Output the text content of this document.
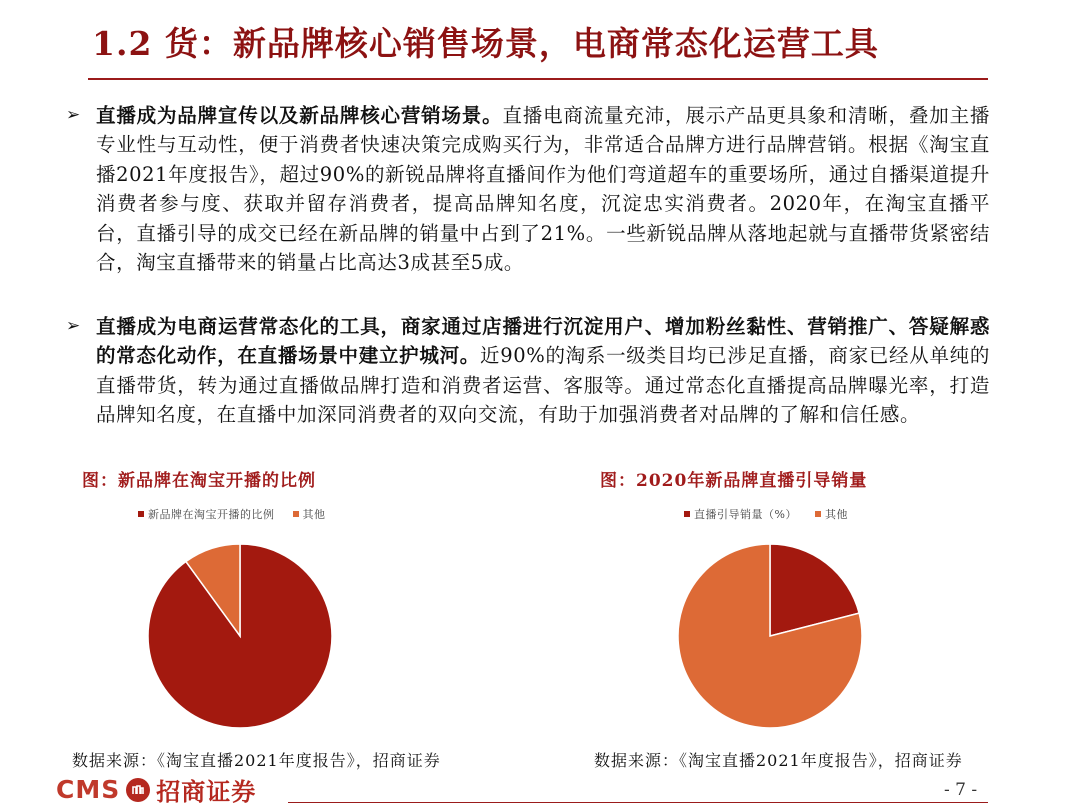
1.2 货：新品牌核心销售场景，电商常态化运营工具
➢ 直播成为品牌宣传以及新品牌核心营销场景。直播电商流量充沛，展示产品更具象和清晰，叠加主播专业性与互动性，便于消费者快速决策完成购买行为，非常适合品牌方进行品牌营销。根据《淘宝直播2021年度报告》，超过90%的新锐品牌将直播间作为他们弯道超车的重要场所，通过自播渠道提升消费者参与度、获取并留存消费者，提高品牌知名度，沉淀忠实消费者。2020年，在淘宝直播平台，直播引导的成交已经在新品牌的销量中占到了21%。一些新锐品牌从落地起就与直播带货紧密结合，淘宝直播带来的销量占比高达3成甚至5成。
➢ 直播成为电商运营常态化的工具，商家通过店播进行沉淀用户、增加粉丝黏性、营销推广、答疑解惑的常态化动作，在直播场景中建立护城河。近90%的淘系一级类目均已涉足直播，商家已经从单纯的直播带货，转为通过直播做品牌打造和消费者运营、客服等。通过常态化直播提高品牌曝光率，打造品牌知名度，在直播中加深同消费者的双向交流，有助于加强消费者对品牌的了解和信任感。
图：新品牌在淘宝开播的比例	图：2020年新品牌直播引导销量
新品牌在淘宝开播的比例	其他	直播引导销量（%）	其他
数据来源：《淘宝直播2021年度报告》，招商证券	数据来源：《淘宝直播2021年度报告》，招商证券
CMS 招商证券	- 7 -
